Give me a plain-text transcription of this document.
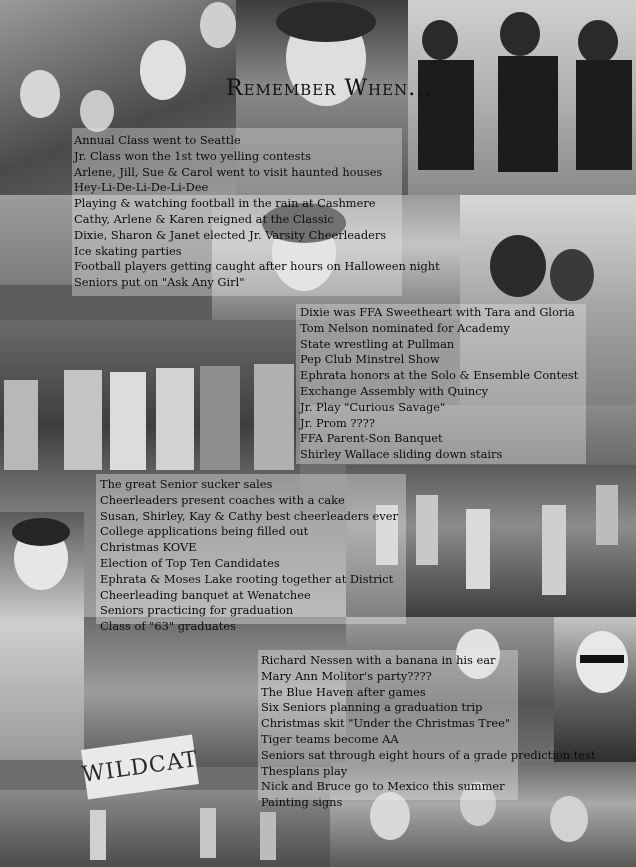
WILDCAT
Remember When...
Annual Class went to Seattle
Jr. Class won the 1st two yelling contests
Arlene, Jill, Sue & Carol went to visit haunted houses
Hey-Li-De-Li-De-Li-Dee
Playing & watching football in the rain at Cashmere
Cathy, Arlene & Karen reigned at the Classic
Dixie, Sharon & Janet elected Jr. Varsity Cheerleaders
Ice skating parties
Football players getting caught after hours on Halloween night
Seniors put on "Ask Any Girl"
Dixie was FFA Sweetheart with Tara and Gloria
Tom Nelson nominated for Academy
State wrestling at Pullman
Pep Club Minstrel Show
Ephrata honors at the Solo & Ensemble Contest
Exchange Assembly with Quincy
Jr. Play "Curious Savage"
Jr. Prom ????
FFA Parent-Son Banquet
Shirley Wallace sliding down stairs
The great Senior sucker sales
Cheerleaders present coaches with a cake
Susan, Shirley, Kay & Cathy best cheerleaders ever
College applications being filled out
Christmas KOVE
Election of Top Ten Candidates
Ephrata & Moses Lake rooting together at District
Cheerleading banquet at Wenatchee
Seniors practicing for graduation
Class of "63" graduates
Richard Nessen with a banana in his ear
Mary Ann Molitor's party????
The Blue Haven after games
Six Seniors planning a graduation trip
Christmas skit "Under the Christmas Tree"
Tiger teams become AA
Seniors sat through eight hours of a grade prediction test
Thesplans play
Nick and Bruce go to Mexico this summer
Painting signs
